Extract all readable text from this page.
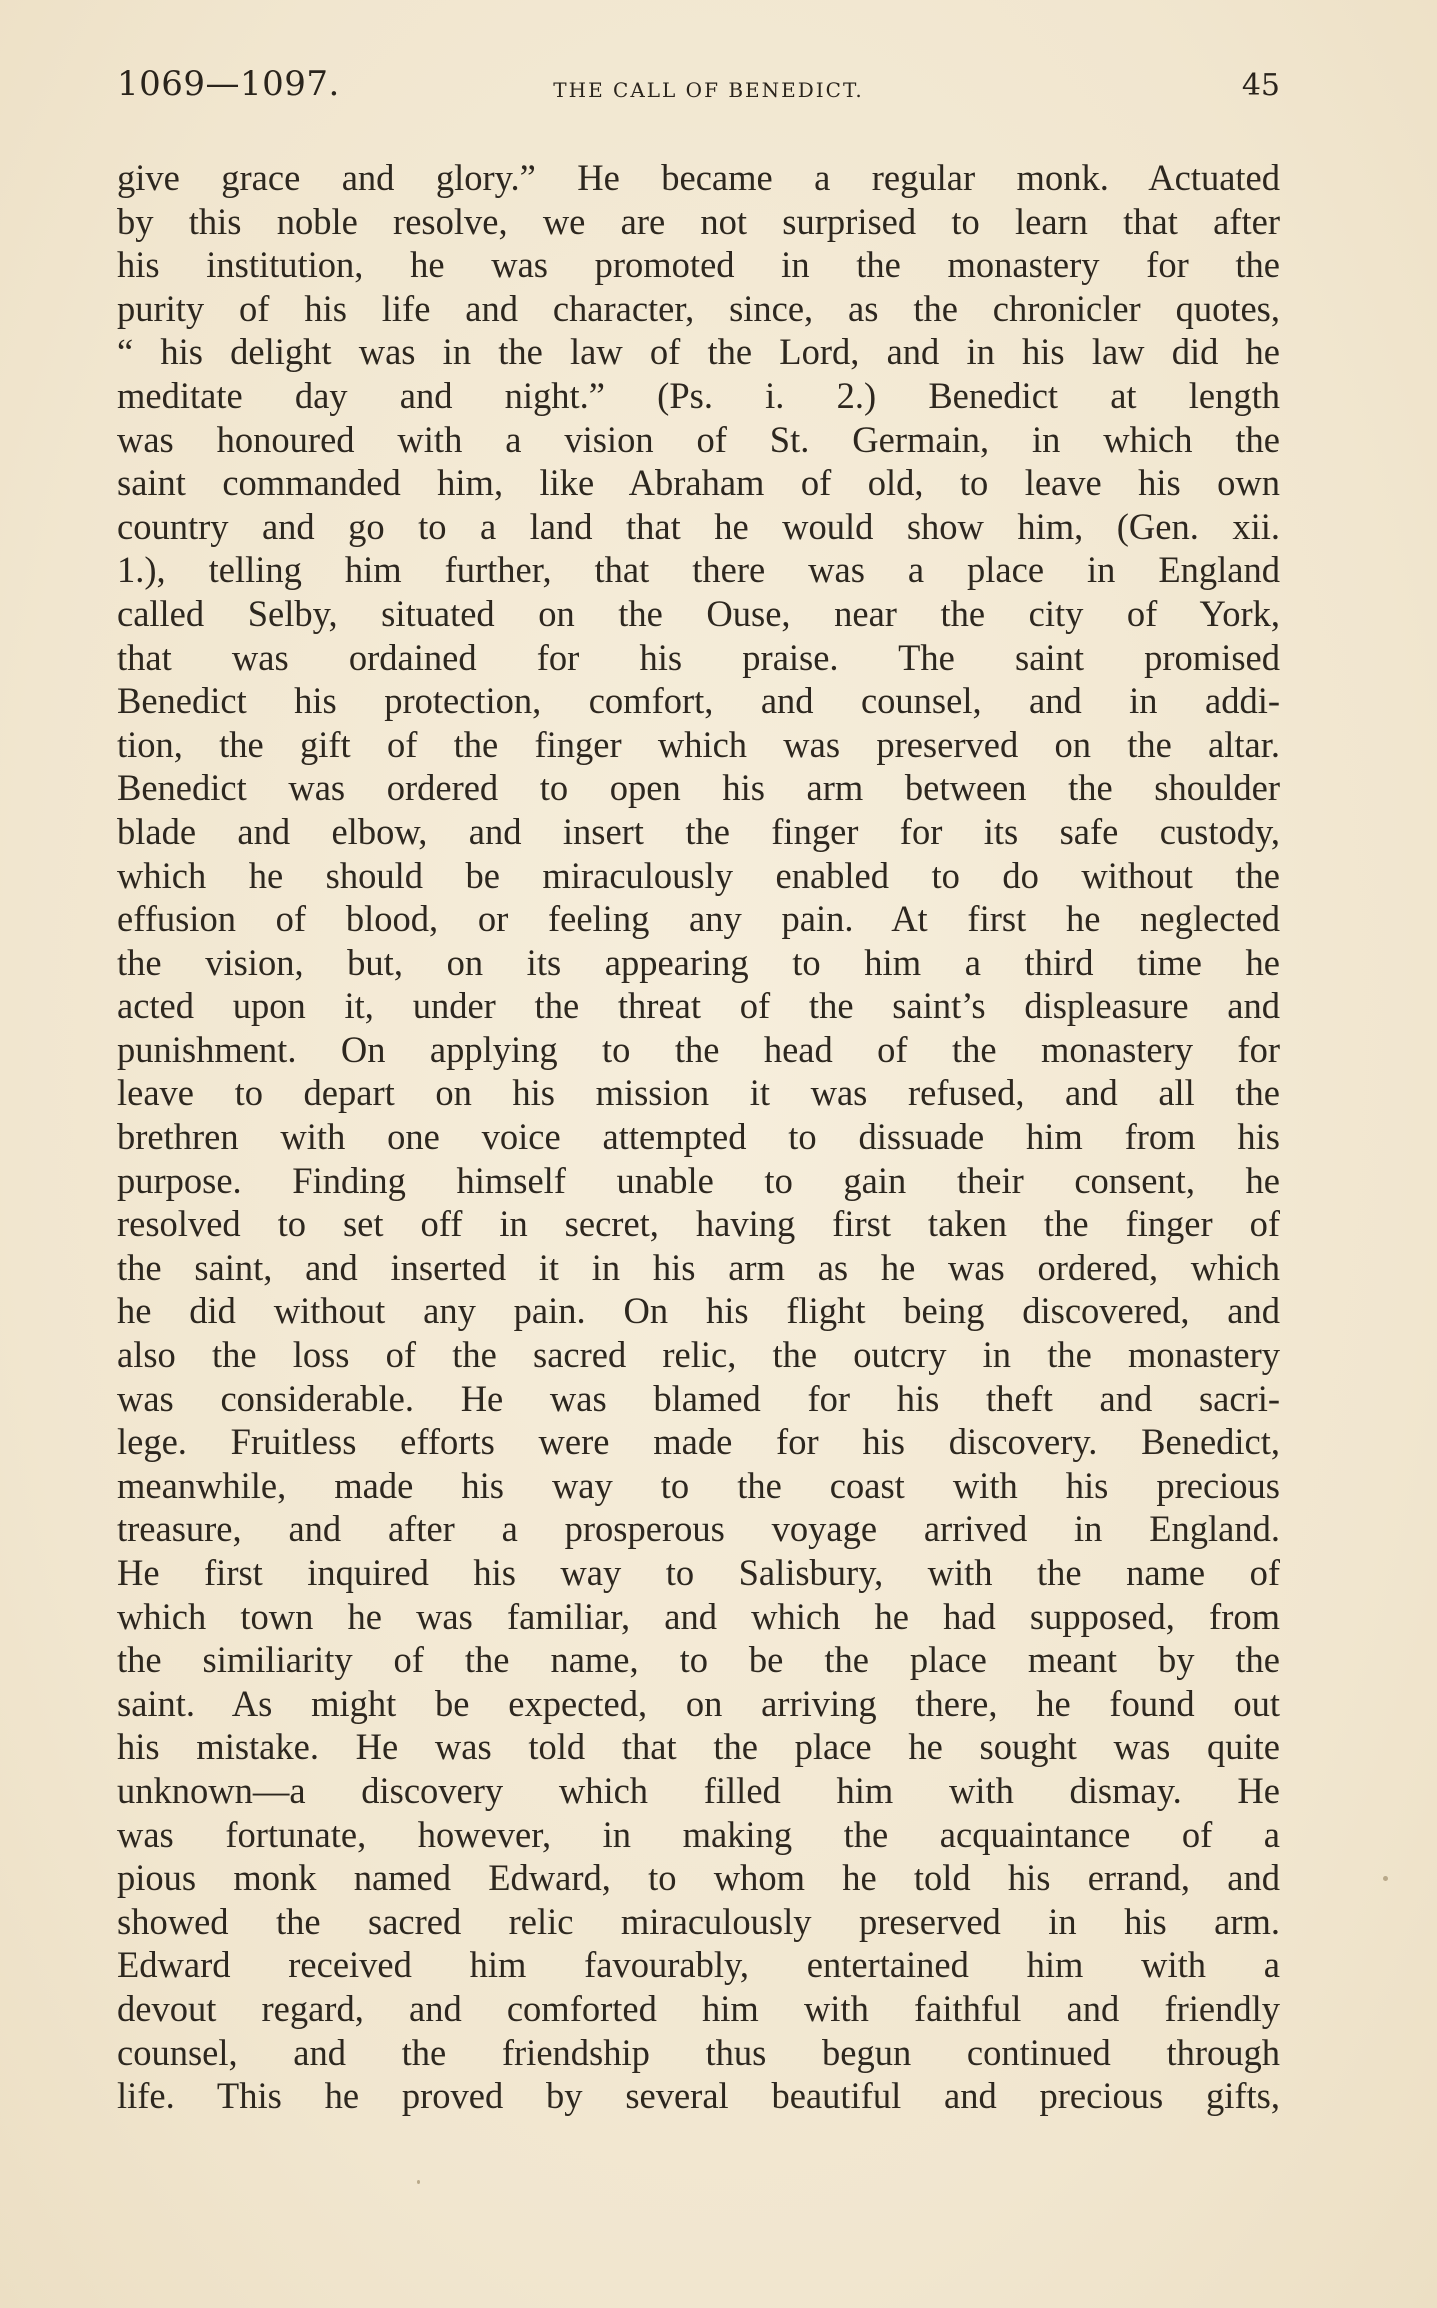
1069—1097.	THE CALL OF BENEDICT.	45
give grace and glory.” He became a regular monk. Actuated
by this noble resolve, we are not surprised to learn that after
his institution, he was promoted in the monastery for the
purity of his life and character, since, as the chronicler quotes,
“ his delight was in the law of the Lord, and in his law did he
meditate day and night.” (Ps. i. 2.) Benedict at length
was honoured with a vision of St. Germain, in which the
saint commanded him, like Abraham of old, to leave his own
country and go to a land that he would show him, (Gen. xii.
1.), telling him further, that there was a place in England
called Selby, situated on the Ouse, near the city of York,
that was ordained for his praise. The saint promised
Benedict his protection, comfort, and counsel, and in addi-
tion, the gift of the finger which was preserved on the altar.
Benedict was ordered to open his arm between the shoulder
blade and elbow, and insert the finger for its safe custody,
which he should be miraculously enabled to do without the
effusion of blood, or feeling any pain. At first he neglected
the vision, but, on its appearing to him a third time he
acted upon it, under the threat of the saint’s displeasure and
punishment. On applying to the head of the monastery for
leave to depart on his mission it was refused, and all the
brethren with one voice attempted to dissuade him from his
purpose. Finding himself unable to gain their consent, he
resolved to set off in secret, having first taken the finger of
the saint, and inserted it in his arm as he was ordered, which
he did without any pain. On his flight being discovered, and
also the loss of the sacred relic, the outcry in the monastery
was considerable. He was blamed for his theft and sacri-
lege. Fruitless efforts were made for his discovery. Benedict,
meanwhile, made his way to the coast with his precious
treasure, and after a prosperous voyage arrived in England.
He first inquired his way to Salisbury, with the name of
which town he was familiar, and which he had supposed, from
the similiarity of the name, to be the place meant by the
saint. As might be expected, on arriving there, he found out
his mistake. He was told that the place he sought was quite
unknown—a discovery which filled him with dismay. He
was fortunate, however, in making the acquaintance of a
pious monk named Edward, to whom he told his errand, and
showed the sacred relic miraculously preserved in his arm.
Edward received him favourably, entertained him with a
devout regard, and comforted him with faithful and friendly
counsel, and the friendship thus begun continued through
life. This he proved by several beautiful and precious gifts,
